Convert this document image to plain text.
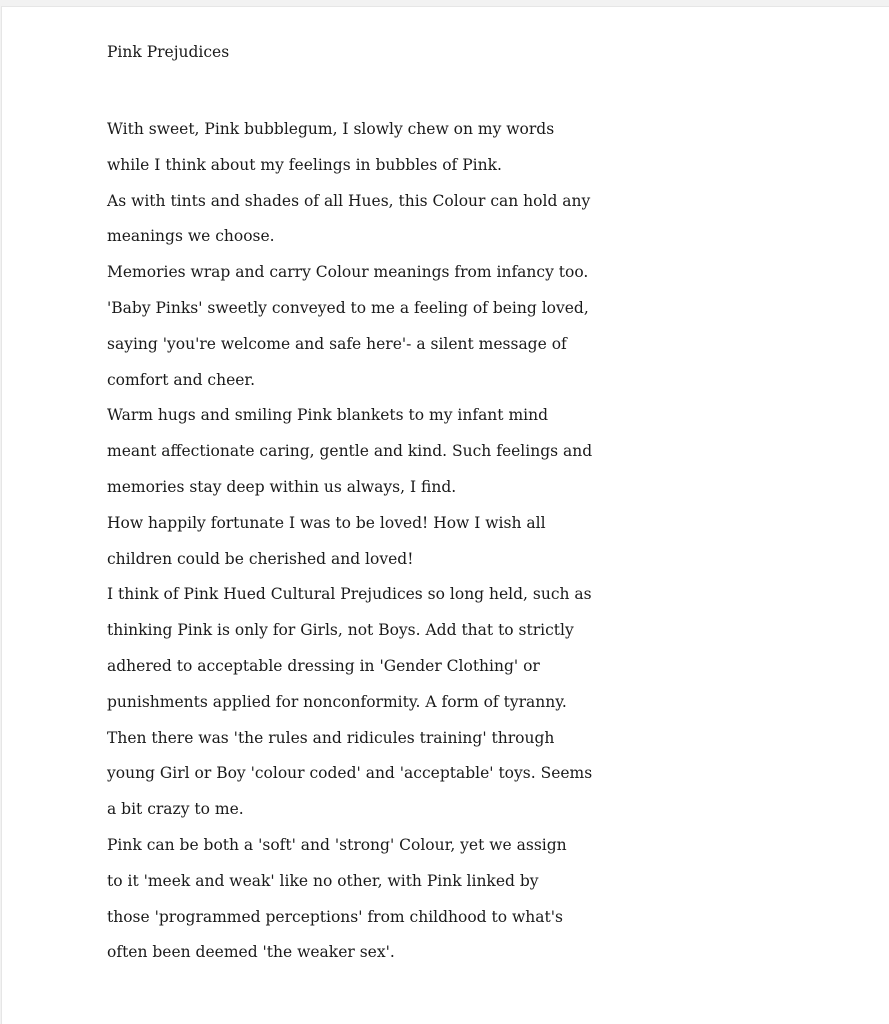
Pink Prejudices
With sweet, Pink bubblegum, I slowly chew on my words
while I think about my feelings in bubbles of Pink.
As with tints and shades of all Hues, this Colour can hold any
meanings we choose.
Memories wrap and carry Colour meanings from infancy too.
'Baby Pinks' sweetly conveyed to me a feeling of being loved,
saying 'you're welcome and safe here'- a silent message of
comfort and cheer.
Warm hugs and smiling Pink blankets to my infant mind
meant affectionate caring, gentle and kind. Such feelings and
memories stay deep within us always, I find.
How happily fortunate I was to be loved! How I wish all
children could be cherished and loved!
I think of Pink Hued Cultural Prejudices so long held, such as
thinking Pink is only for Girls, not Boys. Add that to strictly
adhered to acceptable dressing in 'Gender Clothing' or
punishments applied for nonconformity. A form of tyranny.
Then there was 'the rules and ridicules training' through
young Girl or Boy 'colour coded' and 'acceptable' toys. Seems
a bit crazy to me.
Pink can be both a 'soft' and 'strong' Colour, yet we assign
to it 'meek and weak' like no other, with Pink linked by
those 'programmed perceptions' from childhood to what's
often been deemed 'the weaker sex'.
